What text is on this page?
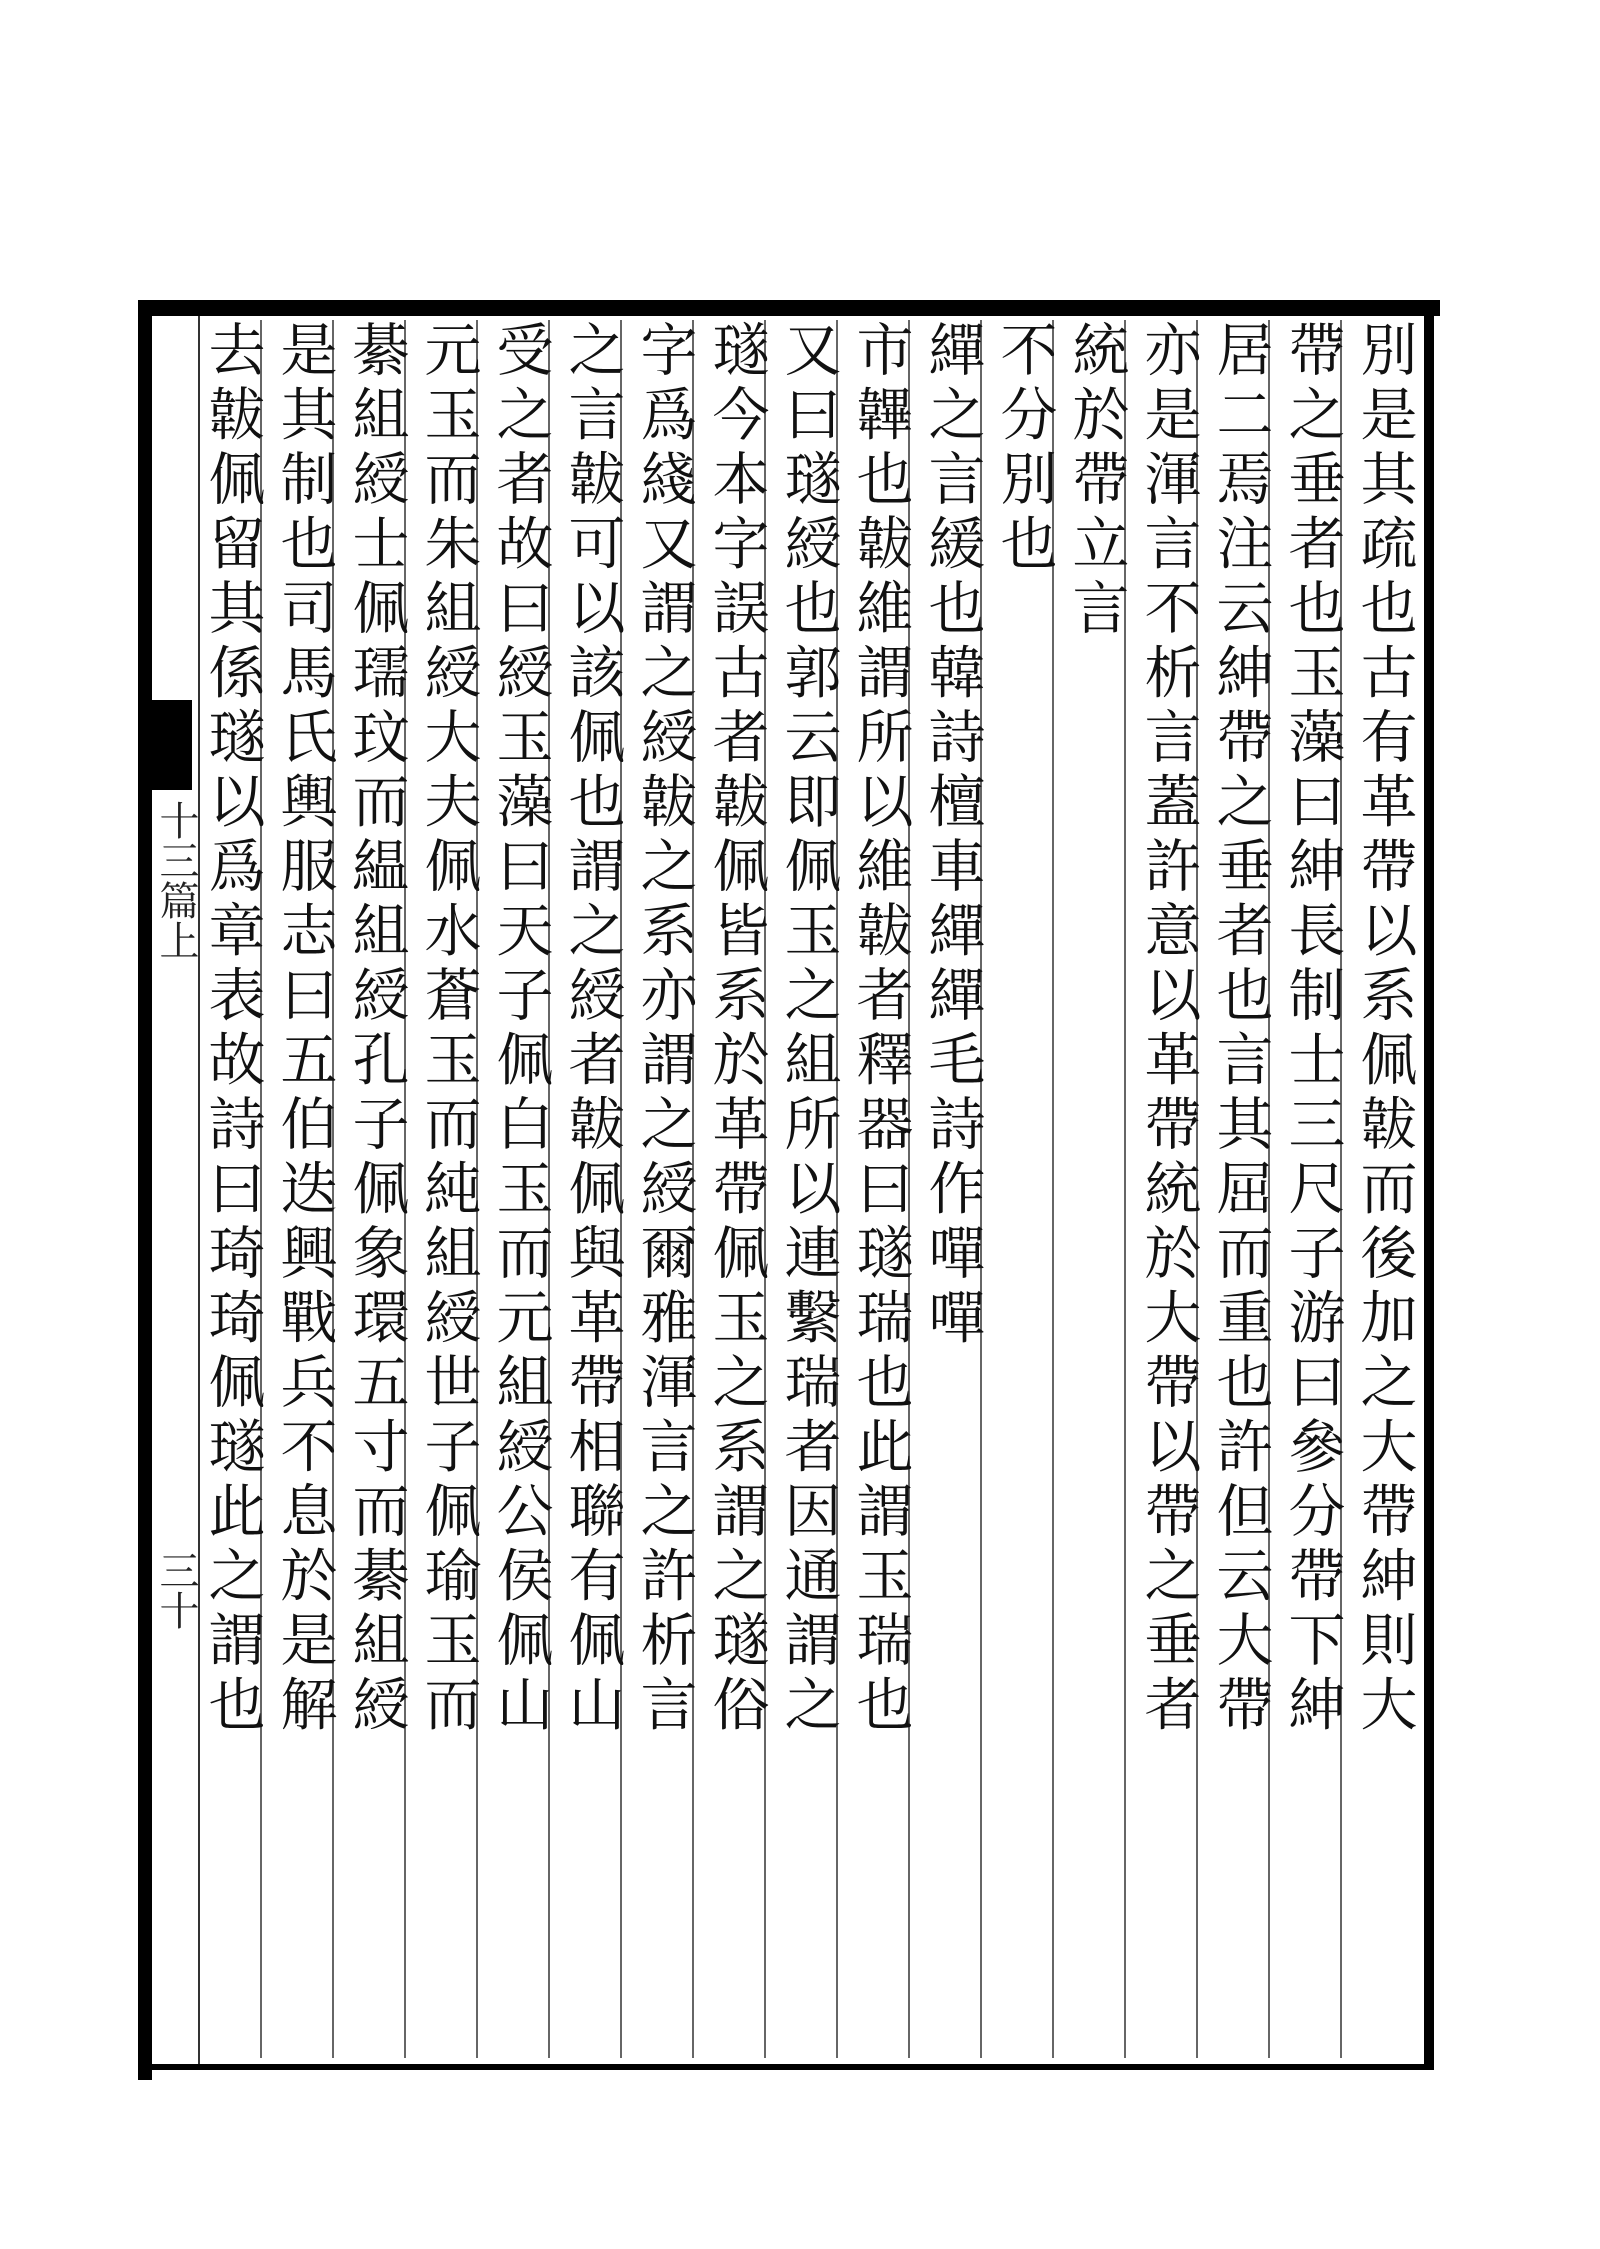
十三篇上
三十	別是其疏也古有革帶以系佩韍而後加之大帶紳則大
帶之垂者也玉藻曰紳長制士三尺子游曰參分帶下紳
居二焉注云紳帶之垂者也言其屈而重也許但云大帶
亦是渾言不析言蓋許意以革帶統於大帶以帶之垂者
統於帶立言
不分別也
繟之言緩也韓詩檀車繟繟毛詩作嘽嘽
市韠也韍維謂所以維韍者釋器曰璲瑞也此謂玉瑞也
又曰璲綬也郭云即佩玉之組所以連繫瑞者因通謂之
璲今本字誤古者韍佩皆系於革帶佩玉之系謂之璲俗
字爲綫又謂之綬韍之系亦謂之綬爾雅渾言之許析言
之言韍可以該佩也謂之綬者韍佩與革帶相聯有佩山
受之者故曰綬玉藻曰天子佩白玉而元組綬公侯佩山
元玉而朱組綬大夫佩水蒼玉而純組綬世子佩瑜玉而
綦組綬士佩瓀玟而緼組綬孔子佩象環五寸而綦組綬
是其制也司馬氏輿服志曰五伯迭興戰兵不息於是解
去韍佩留其係璲以爲章表故詩曰琦琦佩璲此之謂也
